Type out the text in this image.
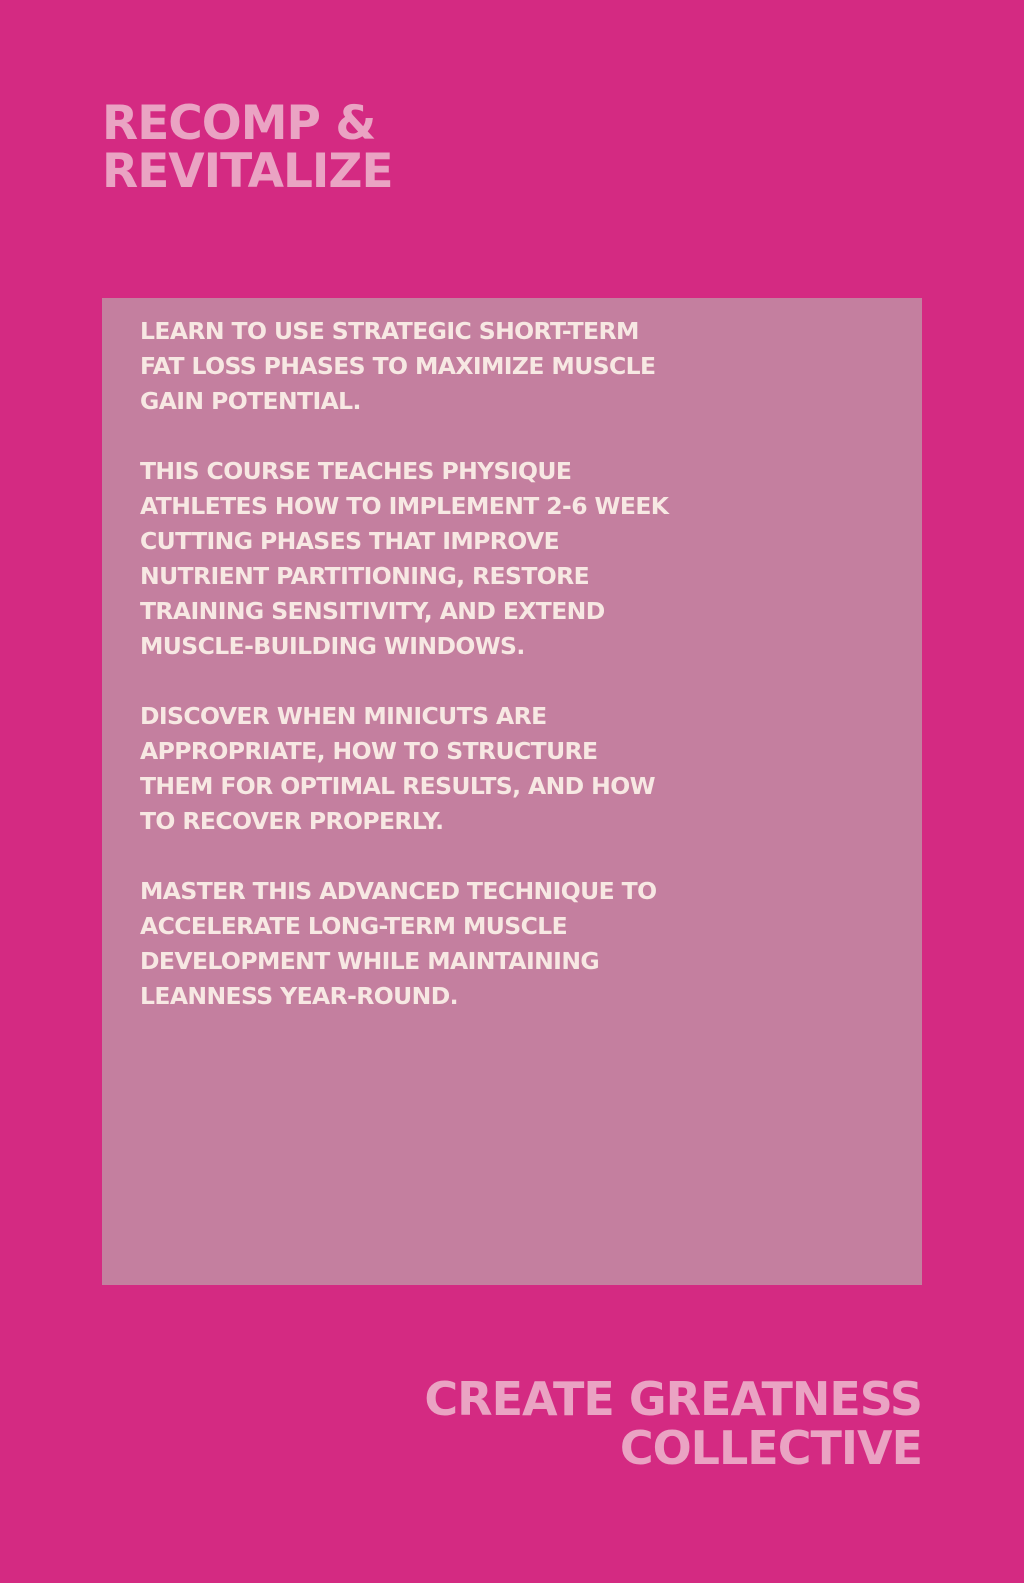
RECOMP &
REVITALIZE

LEARN TO USE STRATEGIC SHORT-TERM
FAT LOSS PHASES TO MAXIMIZE MUSCLE
GAIN POTENTIAL.

THIS COURSE TEACHES PHYSIQUE
ATHLETES HOW TO IMPLEMENT 2-6 WEEK
CUTTING PHASES THAT IMPROVE
NUTRIENT PARTITIONING, RESTORE
TRAINING SENSITIVITY, AND EXTEND
MUSCLE-BUILDING WINDOWS.

DISCOVER WHEN MINICUTS ARE
APPROPRIATE, HOW TO STRUCTURE
THEM FOR OPTIMAL RESULTS, AND HOW
TO RECOVER PROPERLY.

MASTER THIS ADVANCED TECHNIQUE TO
ACCELERATE LONG-TERM MUSCLE
DEVELOPMENT WHILE MAINTAINING
LEANNESS YEAR-ROUND.

CREATE GREATNESS
COLLECTIVE
